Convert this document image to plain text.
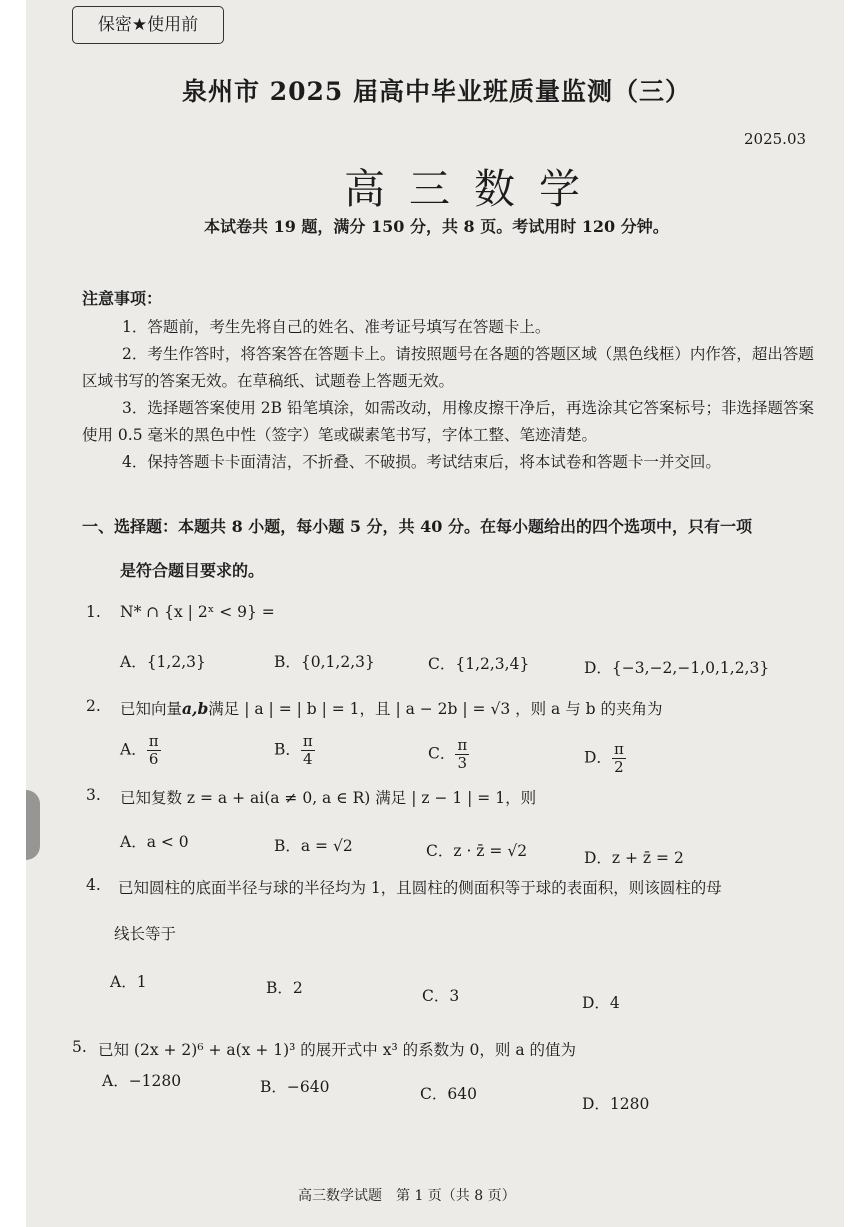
保密★使用前
泉州市 2025 届高中毕业班质量监测（三）
2025.03
高三数学
本试卷共 19 题，满分 150 分，共 8 页。考试用时 120 分钟。
注意事项：
1．答题前，考生先将自己的姓名、准考证号填写在答题卡上。
2．考生作答时，将答案答在答题卡上。请按照题号在各题的答题区域（黑色线框）内作答，超出答题区域书写的答案无效。在草稿纸、试题卷上答题无效。
3．选择题答案使用 2B 铅笔填涂，如需改动，用橡皮擦干净后，再选涂其它答案标号；非选择题答案使用 0.5 毫米的黑色中性（签字）笔或碳素笔书写，字体工整、笔迹清楚。
4．保持答题卡卡面清洁，不折叠、不破损。考试结束后，将本试卷和答题卡一并交回。
一、选择题：本题共 8 小题，每小题 5 分，共 40 分。在每小题给出的四个选项中，只有一项
是符合题目要求的。
1. N* ∩ {x | 2ˣ < 9} =
A．{1,2,3}	B．{0,1,2,3}	C．{1,2,3,4}	D．{−3,−2,−1,0,1,2,3}
2. 已知向量a,b满足 | a | = | b | = 1，且 | a − 2b | = √3 ，则 a 与 b 的夹角为
A． $\frac{\pi}{6}$	B． $\frac{\pi}{4}$	C． $\frac{\pi}{3}$	D． $\frac{\pi}{2}$
3. 已知复数 z = a + ai(a ≠ 0, a ∈ R) 满足 | z − 1 | = 1，则
A．a < 0	B．a = √2	C．z · z̄ = √2	D．z + z̄ = 2
4. 已知圆柱的底面半径与球的半径均为 1，且圆柱的侧面积等于球的表面积，则该圆柱的母
线长等于
A．1	B．2	C．3	D．4
5. 已知 (2x + 2)⁶ + a(x + 1)³ 的展开式中 x³ 的系数为 0，则 a 的值为
A．−1280	B．−640	C．640
D．1280
高三数学试题　第 1 页（共 8 页）
